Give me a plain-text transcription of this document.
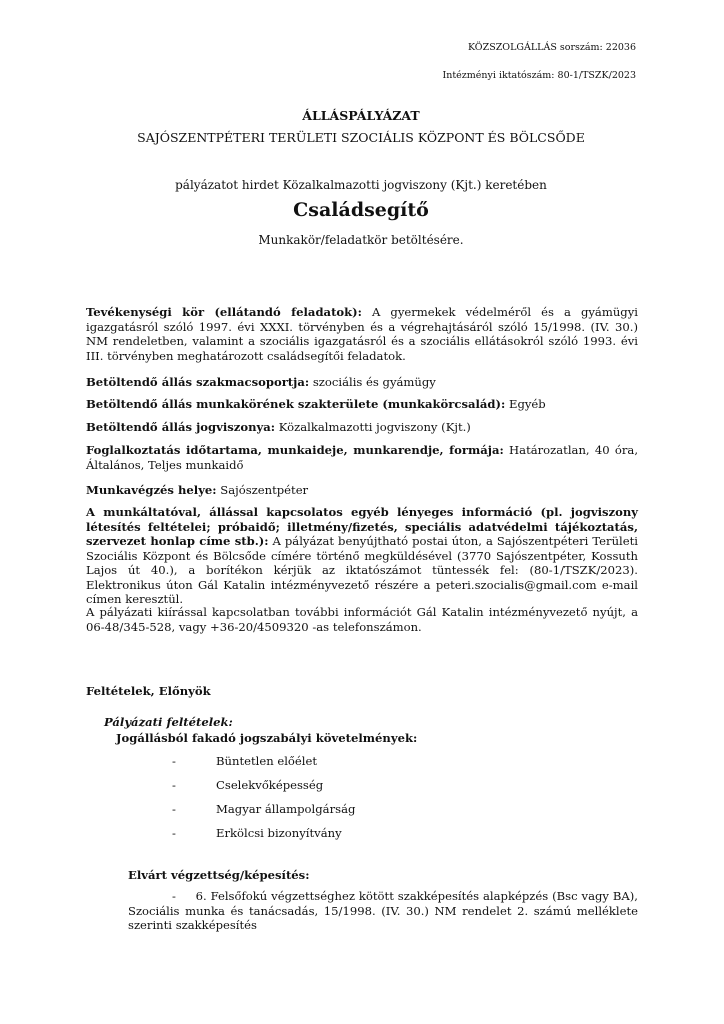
KÖZSZOLGÁLLÁS sorszám: 22036
Intézményi iktatószám: 80-1/TSZK/2023
ÁLLÁSPÁLYÁZAT
SAJÓSZENTPÉTERI TERÜLETI SZOCIÁLIS KÖZPONT ÉS BÖLCSŐDE
pályázatot hirdet Közalkalmazotti jogviszony (Kjt.) keretében
Családsegítő
Munkakör/feladatkör betöltésére.
Tevékenységi kör (ellátandó feladatok): A gyermekek védelméről és a gyámügyi igazgatásról szóló 1997. évi XXXI. törvényben és a végrehajtásáról szóló 15/1998. (IV. 30.) NM rendeletben, valamint a szociális igazgatásról és a szociális ellátásokról szóló 1993. évi III. törvényben meghatározott családsegítői feladatok.
Betöltendő állás szakmacsoportja: szociális és gyámügy
Betöltendő állás munkakörének szakterülete (munkakörcsalád): Egyéb
Betöltendő állás jogviszonya: Közalkalmazotti jogviszony (Kjt.)
Foglalkoztatás időtartama, munkaideje, munkarendje, formája: Határozatlan, 40 óra, Általános, Teljes munkaidő
Munkavégzés helye: Sajószentpéter
A munkáltatóval, állással kapcsolatos egyéb lényeges információ (pl. jogviszony létesítés feltételei; próbaidő; illetmény/fizetés, speciális adatvédelmi tájékoztatás, szervezet honlap címe stb.): A pályázat benyújtható postai úton, a Sajószentpéteri Területi Szociális Központ és Bölcsőde címére történő megküldésével (3770 Sajószentpéter, Kossuth Lajos út 40.), a borítékon kérjük az iktatószámot tüntessék fel: (80-1/TSZK/2023). Elektronikus úton Gál Katalin intézményvezető részére a peteri.szocialis@gmail.com e-mail címen keresztül.
A pályázati kiírással kapcsolatban további információt Gál Katalin intézményvezető nyújt, a 06-48/345-528, vagy +36-20/4509320 -as telefonszámon.
Feltételek, Előnyök
Pályázati feltételek:
Jogállásból fakadó jogszabályi követelmények:
-	Büntetlen előélet
-	Cselekvőképesség
-	Magyar állampolgárság
-	Erkölcsi bizonyítvány
Elvárt végzettség/képesítés:
- 6. Felsőfokú végzettséghez kötött szakképesítés alapképzés (Bsc vagy BA), Szociális munka és tanácsadás, 15/1998. (IV. 30.) NM rendelet 2. számú melléklete szerinti szakképesítés
